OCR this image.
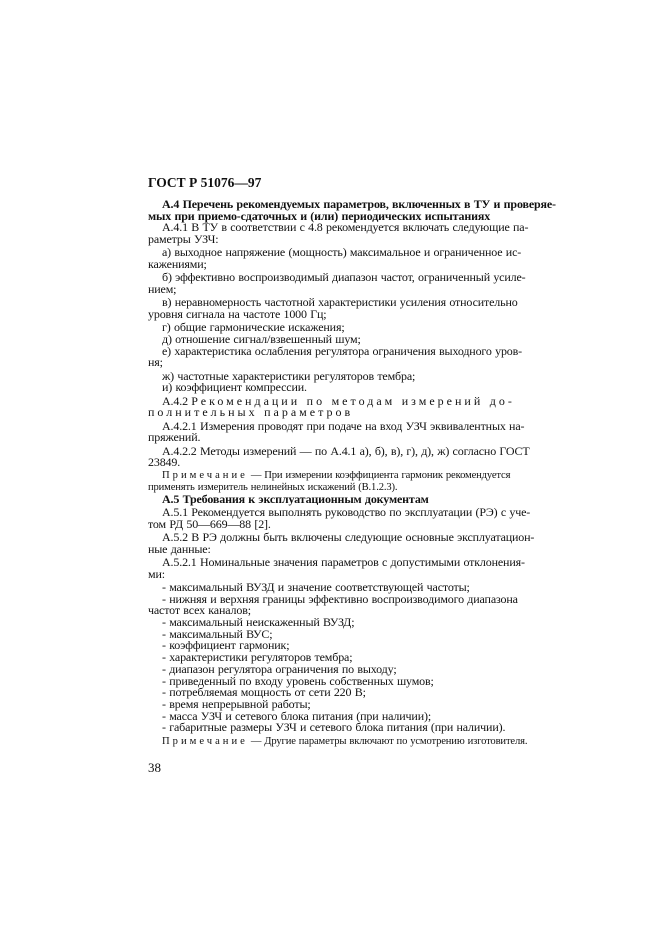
ГОСТ Р 51076—97
А.4 Перечень рекомендуемых параметров, включенных в ТУ и проверяе-
мых при приемо-сдаточных и (или) периодических испытаниях
А.4.1 В ТУ в соответствии с 4.8 рекомендуется включать следующие па-
раметры УЗЧ:
а) выходное напряжение (мощность) максимальное и ограниченное ис-
кажениями;
б) эффективно воспроизводимый диапазон частот, ограниченный усиле-
нием;
в) неравномерность частотной характеристики усиления относительно
уровня сигнала на частоте 1000 Гц;
г) общие гармонические искажения;
д) отношение сигнал/взвешенный шум;
е) характеристика ослабления регулятора ограничения выходного уров-
ня;
ж) частотные характеристики регуляторов тембра;
и) коэффициент компрессии.
А.4.2 Рекомендации по методам измерений до-
полнительных параметров
А.4.2.1 Измерения проводят при подаче на вход УЗЧ эквивалентных на-
пряжений.
А.4.2.2 Методы измерений — по А.4.1 а), б), в), г), д), ж) согласно ГОСТ
23849.
Примечание — При измерении коэффициента гармоник рекомендуется
применять измеритель нелинейных искажений (В.1.2.3).
А.5 Требования к эксплуатационным документам
А.5.1 Рекомендуется выполнять руководство по эксплуатации (РЭ) с уче-
том РД 50—669—88 [2].
А.5.2 В РЭ должны быть включены следующие основные эксплуатацион-
ные данные:
А.5.2.1 Номинальные значения параметров с допустимыми отклонения-
ми:
- максимальный ВУЗД и значение соответствующей частоты;
- нижняя и верхняя границы эффективно воспроизводимого диапазона
частот всех каналов;
- максимальный неискаженный ВУЗД;
- максимальный ВУС;
- коэффициент гармоник;
- характеристики регуляторов тембра;
- диапазон регулятора ограничения по выходу;
- приведенный по входу уровень собственных шумов;
- потребляемая мощность от сети 220 В;
- время непрерывной работы;
- масса УЗЧ и сетевого блока питания (при наличии);
- габаритные размеры УЗЧ и сетевого блока питания (при наличии).
Примечание — Другие параметры включают по усмотрению изготовителя.
38
